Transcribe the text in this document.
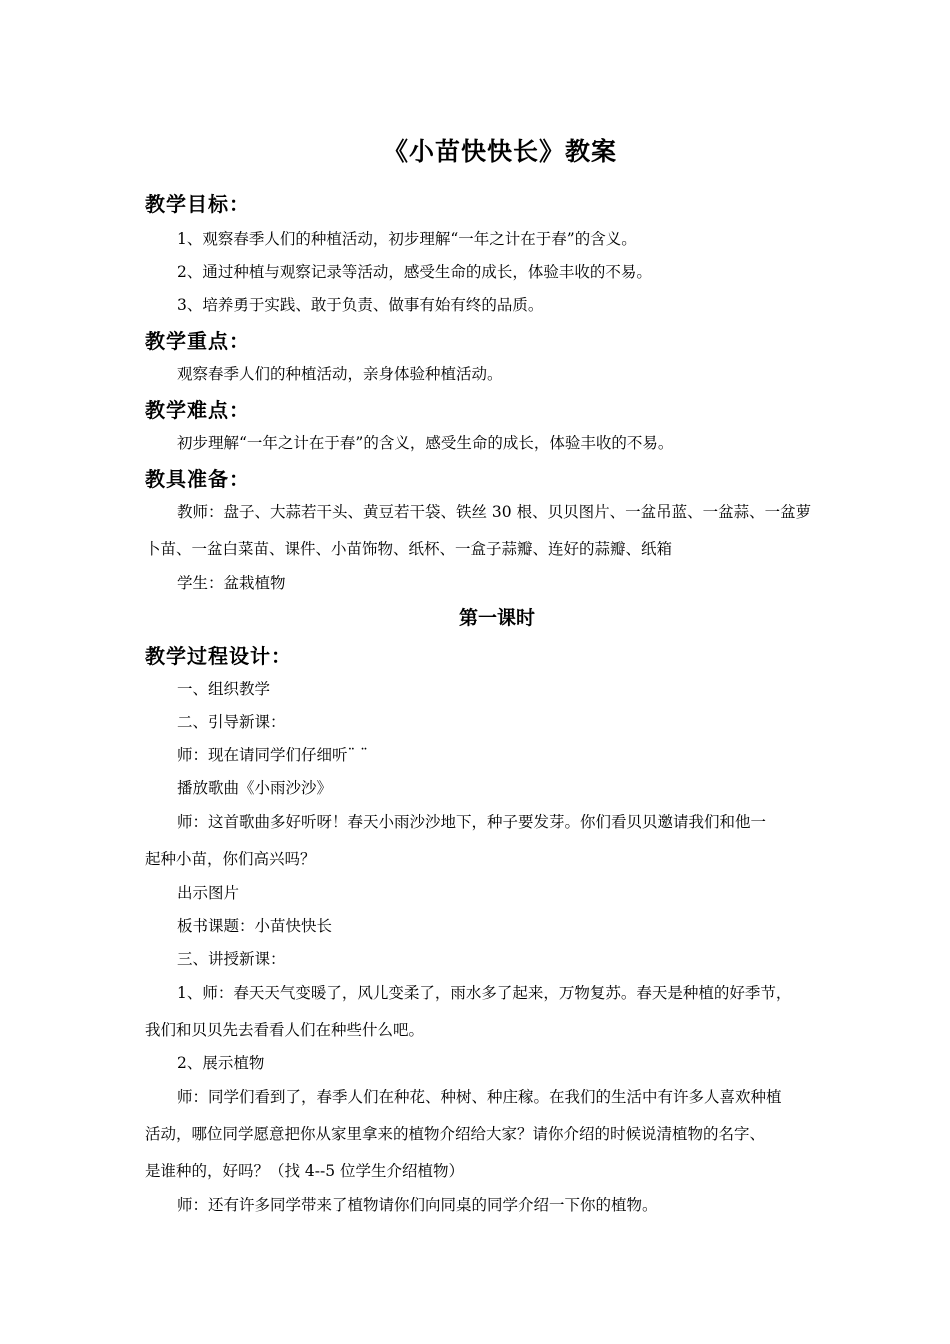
《小苗快快长》教案
教学目标：
1、观察春季人们的种植活动，初步理解“一年之计在于春”的含义。
2、通过种植与观察记录等活动，感受生命的成长，体验丰收的不易。
3、培养勇于实践、敢于负责、做事有始有终的品质。
教学重点：
观察春季人们的种植活动，亲身体验种植活动。
教学难点：
初步理解“一年之计在于春”的含义，感受生命的成长，体验丰收的不易。
教具准备：
教师：盘子、大蒜若干头、黄豆若干袋、铁丝 30 根、贝贝图片、一盆吊蓝、一盆蒜、一盆萝
卜苗、一盆白菜苗、课件、小苗饰物、纸杯、一盒子蒜瓣、连好的蒜瓣、纸箱
学生：盆栽植物
第一课时
教学过程设计：
一、组织教学
二、引导新课：
师：现在请同学们仔细听¨ ¨
播放歌曲《小雨沙沙》
师：这首歌曲多好听呀！春天小雨沙沙地下，种子要发芽。你们看贝贝邀请我们和他一
起种小苗，你们高兴吗？
出示图片
板书课题：小苗快快长
三、讲授新课：
1、师：春天天气变暖了，风儿变柔了，雨水多了起来，万物复苏。春天是种植的好季节，
我们和贝贝先去看看人们在种些什么吧。
2、展示植物
师：同学们看到了，春季人们在种花、种树、种庄稼。在我们的生活中有许多人喜欢种植
活动，哪位同学愿意把你从家里拿来的植物介绍给大家？请你介绍的时候说清植物的名字、
是谁种的，好吗？（找 4--5 位学生介绍植物）
师：还有许多同学带来了植物请你们向同桌的同学介绍一下你的植物。
